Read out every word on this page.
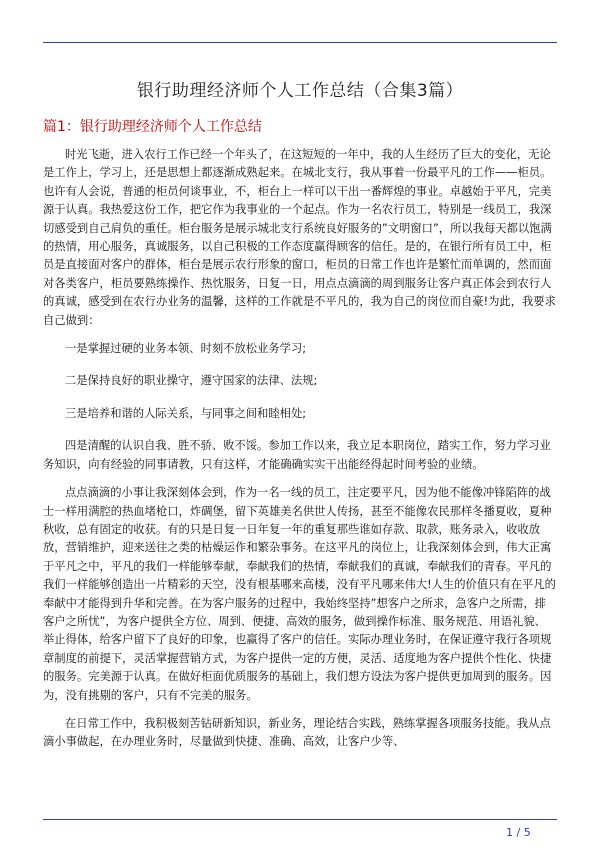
银行助理经济师个人工作总结（合集3篇）
篇1：银行助理经济师个人工作总结

时光飞逝，进入农行工作已经一个年头了，在这短短的一年中，我的人生经历了巨大的变化，无论是工作上，学习上，还是思想上都逐渐成熟起来。在城北支行，我从事着一份最平凡的工作——柜员。也许有人会说，普通的柜员何谈事业，不，柜台上一样可以干出一番辉煌的事业。卓越始于平凡，完美源于认真。我热爱这份工作，把它作为我事业的一个起点。作为一名农行员工，特别是一线员工，我深切感受到自己肩负的重任。柜台服务是展示城北支行系统良好服务的”文明窗口”，所以我每天都以饱满的热情，用心服务，真诚服务，以自己积极的工作态度赢得顾客的信任。是的，在银行所有员工中，柜员是直接面对客户的群体，柜台是展示农行形象的窗口，柜员的日常工作也许是繁忙而单调的，然而面对各类客户，柜员要熟练操作、热忱服务，日复一日，用点点滴滴的周到服务让客户真正体会到农行人的真诚，感受到在农行办业务的温馨，这样的工作就是不平凡的，我为自己的岗位而自豪!为此，我要求自己做到：

一是掌握过硬的业务本领、时刻不放松业务学习;

二是保持良好的职业操守，遵守国家的法律、法规;

三是培养和谐的人际关系，与同事之间和睦相处;

四是清醒的认识自我、胜不骄、败不馁。参加工作以来，我立足本职岗位，踏实工作，努力学习业务知识，向有经验的同事请教，只有这样，才能确确实实干出能经得起时间考验的业绩。

点点滴滴的小事让我深刻体会到，作为一名一线的员工，注定要平凡，因为他不能像冲锋陷阵的战士一样用满腔的热血堵枪口，炸碉堡，留下英雄美名供世人传扬，甚至不能像农民那样冬播夏收，夏种秋收，总有固定的收获。有的只是日复一日年复一年的重复那些谁如存款、取款，账务录入，收收放放，营销维护，迎来送往之类的枯燥运作和繁杂事务。在这平凡的岗位上，让我深刻体会到，伟大正寓于平凡之中，平凡的我们一样能够奉献，奉献我们的热情，奉献我们的真诚，奉献我们的青春。平凡的我们一样能够创造出一片精彩的天空，没有根基哪来高楼，没有平凡哪来伟大!人生的价值只有在平凡的奉献中才能得到升华和完善。在为客户服务的过程中，我始终坚持”想客户之所求，急客户之所需，排客户之所忧”，为客户提供全方位、周到、便捷、高效的服务，做到操作标准、服务规范、用语礼貌、举止得体，给客户留下了良好的印象，也赢得了客户的信任。实际办理业务时，在保证遵守我行各项规章制度的前提下，灵活掌握营销方式，为客户提供一定的方便，灵活、适度地为客户提供个性化、快捷的服务。完美源于认真。在做好柜面优质服务的基础上，我们想方设法为客户提供更加周到的服务。因为，没有挑剔的客户，只有不完美的服务。

在日常工作中，我积极刻苦钻研新知识，新业务，理论结合实践，熟练掌握各项服务技能。我从点滴小事做起，在办理业务时，尽量做到快捷、准确、高效，让客户少等、

1 / 5
